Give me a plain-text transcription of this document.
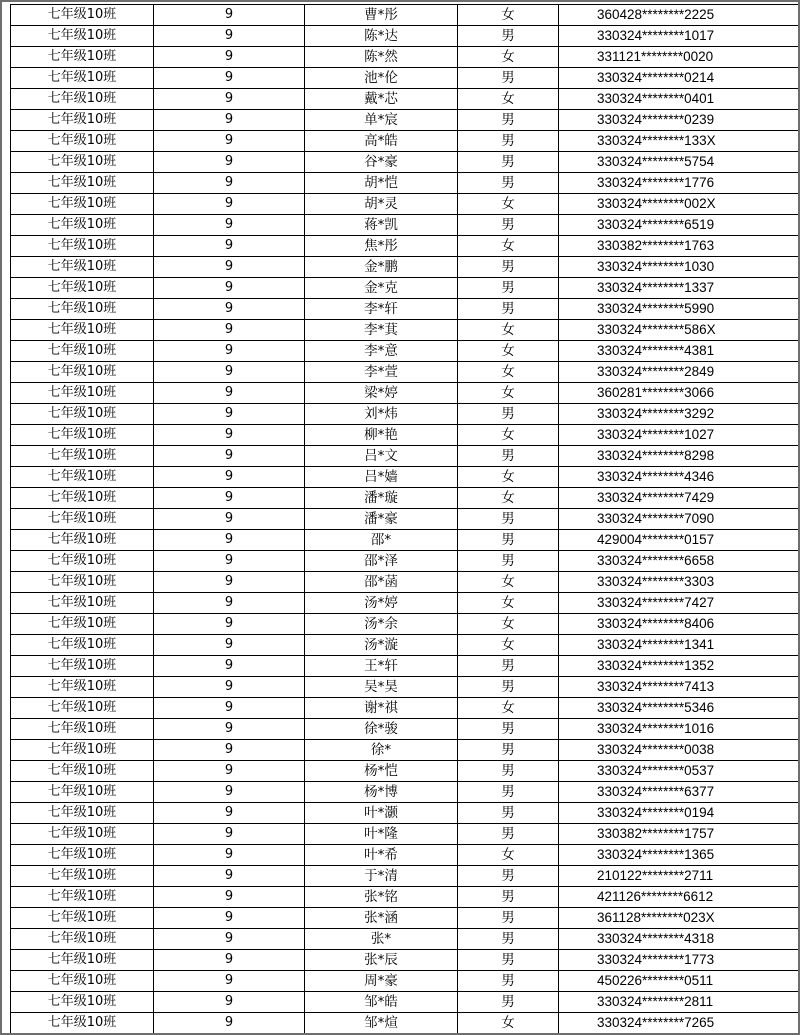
七年级10班	9	曹*彤	女	360428********2225
七年级10班	9	陈*达	男	330324********1017
七年级10班	9	陈*然	女	331121********0020
七年级10班	9	池*伦	男	330324********0214
七年级10班	9	戴*芯	女	330324********0401
七年级10班	9	单*宸	男	330324********0239
七年级10班	9	高*皓	男	330324********133X
七年级10班	9	谷*豪	男	330324********5754
七年级10班	9	胡*恺	男	330324********1776
七年级10班	9	胡*灵	女	330324********002X
七年级10班	9	蒋*凯	男	330324********6519
七年级10班	9	焦*彤	女	330382********1763
七年级10班	9	金*鹏	男	330324********1030
七年级10班	9	金*克	男	330324********1337
七年级10班	9	李*轩	男	330324********5990
七年级10班	9	李*萁	女	330324********586X
七年级10班	9	李*意	女	330324********4381
七年级10班	9	李*萱	女	330324********2849
七年级10班	9	梁*婷	女	360281********3066
七年级10班	9	刘*炜	男	330324********3292
七年级10班	9	柳*艳	女	330324********1027
七年级10班	9	吕*文	男	330324********8298
七年级10班	9	吕*嫱	女	330324********4346
七年级10班	9	潘*璇	女	330324********7429
七年级10班	9	潘*豪	男	330324********7090
七年级10班	9	邵*	男	429004********0157
七年级10班	9	邵*泽	男	330324********6658
七年级10班	9	邵*菡	女	330324********3303
七年级10班	9	汤*婷	女	330324********7427
七年级10班	9	汤*余	女	330324********8406
七年级10班	9	汤*漩	女	330324********1341
七年级10班	9	王*轩	男	330324********1352
七年级10班	9	吴*昊	男	330324********7413
七年级10班	9	谢*祺	女	330324********5346
七年级10班	9	徐*骏	男	330324********1016
七年级10班	9	徐*	男	330324********0038
七年级10班	9	杨*恺	男	330324********0537
七年级10班	9	杨*博	男	330324********6377
七年级10班	9	叶*灏	男	330324********0194
七年级10班	9	叶*隆	男	330382********1757
七年级10班	9	叶*希	女	330324********1365
七年级10班	9	于*清	男	210122********2711
七年级10班	9	张*铭	男	421126********6612
七年级10班	9	张*涵	男	361128********023X
七年级10班	9	张*	男	330324********4318
七年级10班	9	张*辰	男	330324********1773
七年级10班	9	周*豪	男	450226********0511
七年级10班	9	邹*皓	男	330324********2811
七年级10班	9	邹*煊	女	330324********7265
